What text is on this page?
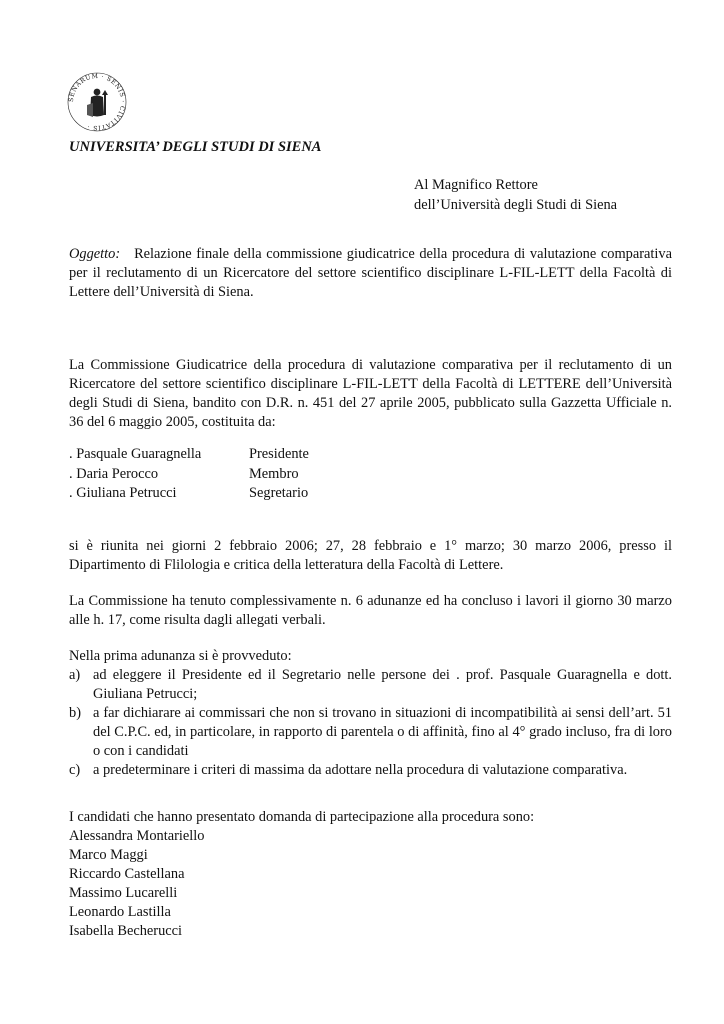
SENARUM · SENIS · CIVITATIS ·
UNIVERSITA’ DEGLI STUDI DI SIENA
Al Magnifico Rettore
dell’Università degli Studi di Siena

Oggetto: Relazione finale della commissione giudicatrice della procedura di valutazione comparativa per il reclutamento di un Ricercatore del settore scientifico disciplinare L-FIL-LETT della Facoltà di Lettere dell’Università di Siena.

La Commissione Giudicatrice della procedura di valutazione comparativa per il reclutamento di un Ricercatore del settore scientifico disciplinare L-FIL-LETT della Facoltà di LETTERE dell’Università degli Studi di Siena, bandito con D.R. n. 451 del 27 aprile 2005, pubblicato sulla Gazzetta Ufficiale n. 36 del 6 maggio 2005, costituita da:

. Pasquale Guaragnella	Presidente
. Daria Perocco	Membro
. Giuliana Petrucci	Segretario

si è riunita nei giorni 2 febbraio 2006; 27, 28 febbraio e 1° marzo; 30 marzo 2006, presso il Dipartimento di Flilologia e critica della letteratura della Facoltà di Lettere.

La Commissione ha tenuto complessivamente n. 6 adunanze ed ha concluso i lavori il giorno 30 marzo alle h. 17, come risulta dagli allegati verbali.

Nella prima adunanza si è provveduto:

a) ad eleggere il Presidente ed il Segretario nelle persone dei . prof. Pasquale Guaragnella e dott. Giuliana Petrucci;
b) a far dichiarare ai commissari che non si trovano in situazioni di incompatibilità ai sensi dell’art. 51 del C.P.C. ed, in particolare, in rapporto di parentela o di affinità, fino al 4° grado incluso, fra di loro o con i candidati
c) a predeterminare i criteri di massima da adottare nella procedura di valutazione comparativa.
I candidati che hanno presentato domanda di partecipazione alla procedura sono:
Alessandra Montariello
Marco Maggi
Riccardo Castellana
Massimo Lucarelli
Leonardo Lastilla
Isabella Becherucci
